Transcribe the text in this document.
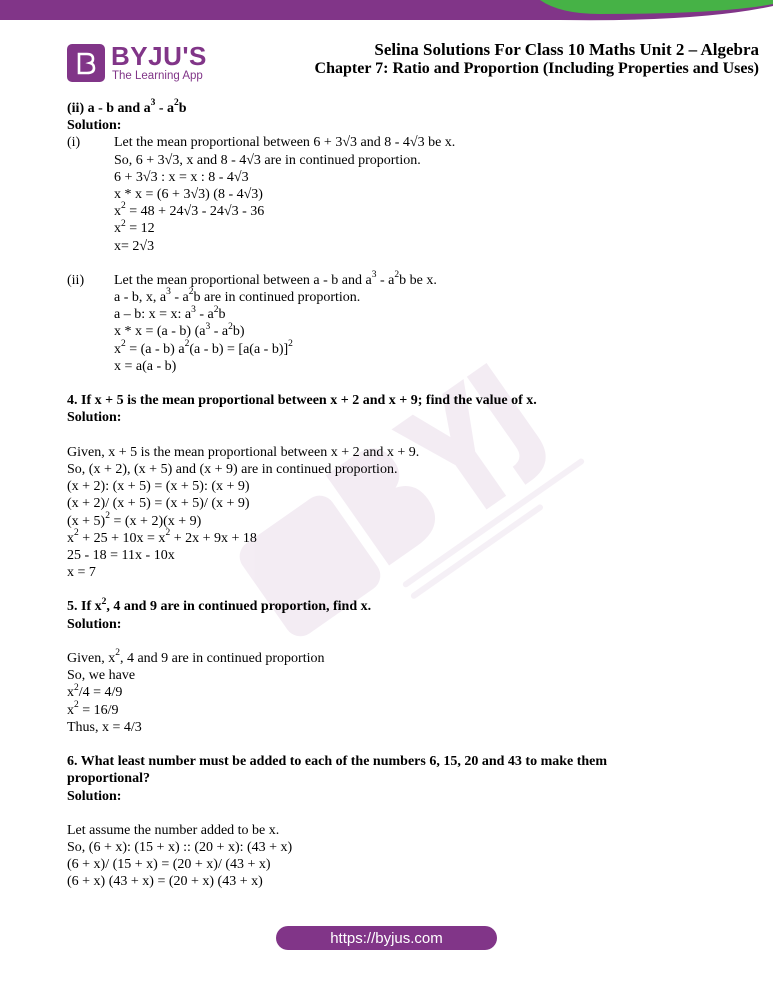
BYJU'S
The Learning App
Selina Solutions For Class 10 Maths Unit 2 – Algebra
Chapter 7: Ratio and Proportion (Including Properties and Uses)
(ii) a - b and $a^3 - a^2b$
Solution:
(i) Let the mean proportional between 6 + 3√3 and 8 - 4√3 be x.
So, 6 + 3√3, x and 8 - 4√3 are in continued proportion.
6 + 3√3 : x = x : 8 - 4√3
x * x = (6 + 3√3) (8 - 4√3)
$x^2 = 48 + 24√3 - 24√3 - 36$
$x^2 = 12$
x= 2√3
(ii) Let the mean proportional between a - b and $a^3 - a^2b$ be x.
a - b, x, $a^3 - a^2b$ are in continued proportion.
a – b: x = x: $a^3 - a^2b$
x * x = (a - b) $(a^3 - a^2b)$
$x^2 = (a - b)$ $a^2(a - b) = [a(a - b)]^2$
x = a(a - b)
4. If x + 5 is the mean proportional between x + 2 and x + 9; find the value of x.
Solution:
Given, x + 5 is the mean proportional between x + 2 and x + 9.
So, (x + 2), (x + 5) and (x + 9) are in continued proportion.
(x + 2): (x + 5) = (x + 5): (x + 9)
(x + 2)/ (x + 5) = (x + 5)/ (x + 9)
$(x + 5)^2 = (x + 2)(x + 9)$
$x^2 + 25 + 10x = x^2 + 2x + 9x + 18$
25 - 18 = 11x - 10x
x = 7
5. If $x^2$, 4 and 9 are in continued proportion, find x.
Solution:
Given, $x^2$, 4 and 9 are in continued proportion
So, we have
$x^2/4 = 4/9$
$x^2 = 16/9$
Thus, x = 4/3
6. What least number must be added to each of the numbers 6, 15, 20 and 43 to make them proportional?
Solution:
Let assume the number added to be x.
So, (6 + x): (15 + x) :: (20 + x): (43 + x)
(6 + x)/ (15 + x) = (20 + x)/ (43 + x)
(6 + x) (43 + x) = (20 + x) (43 + x)
https://byjus.com
